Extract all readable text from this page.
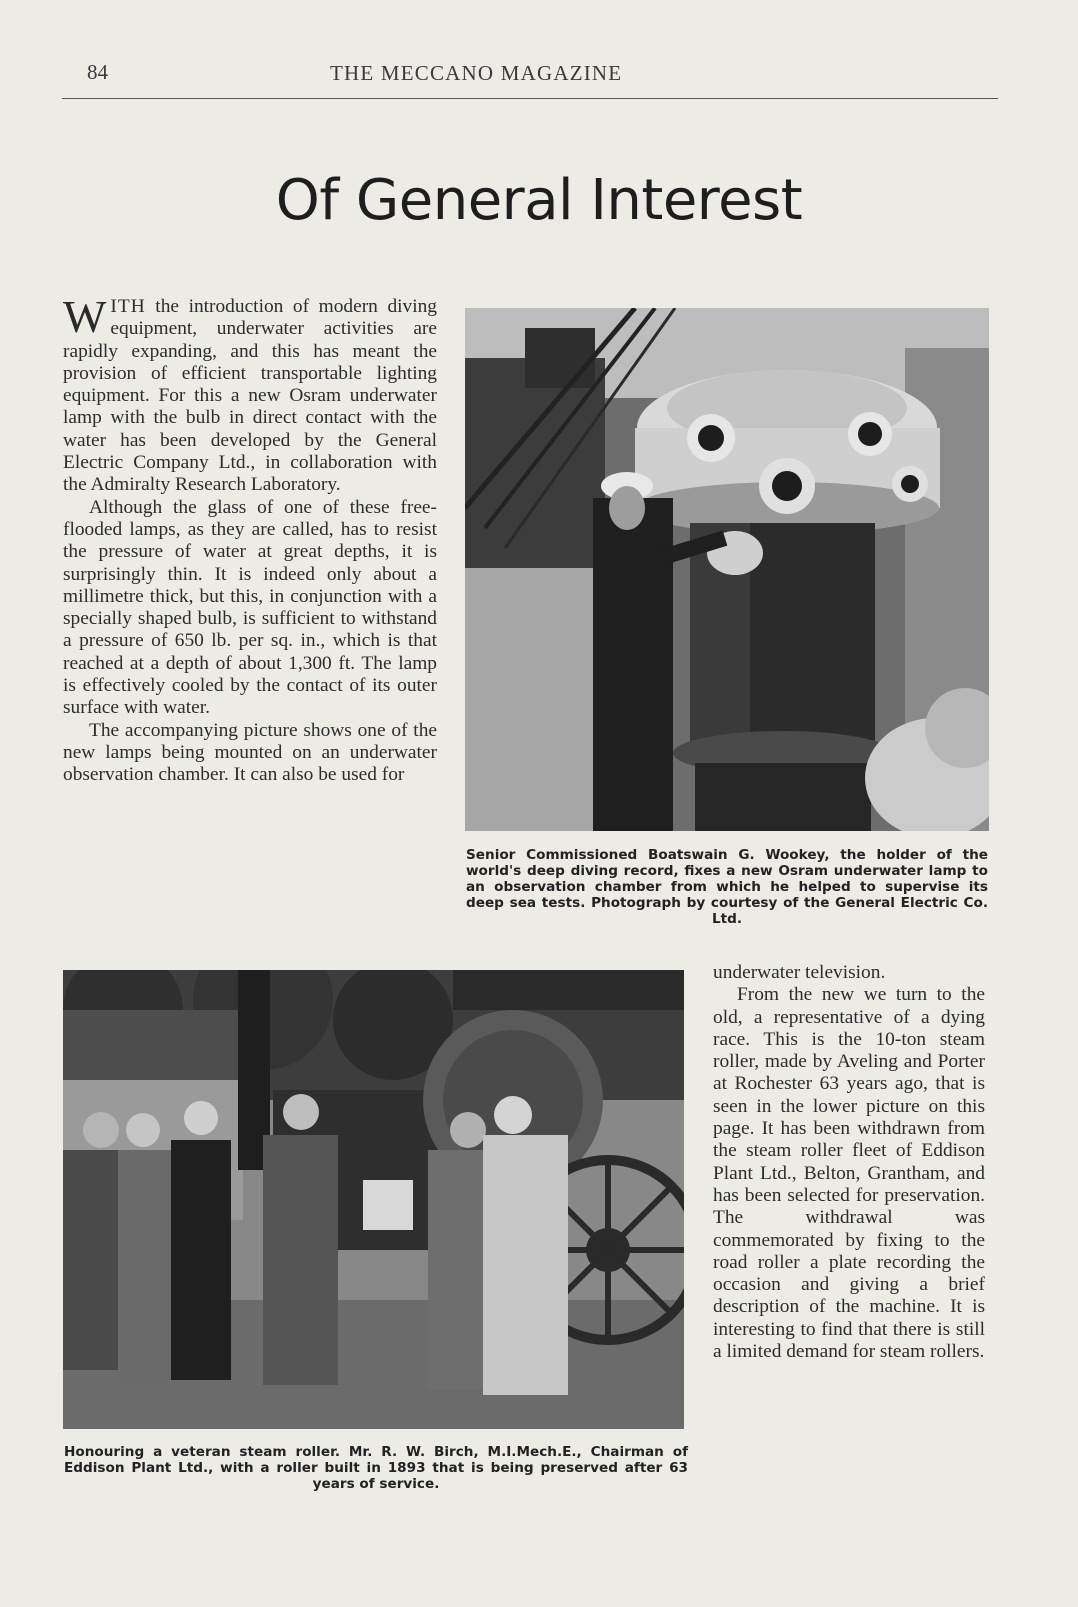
84	THE MECCANO MAGAZINE
Of General Interest

WITH the introduction of modern diving equipment, underwater activities are rapidly expanding, and this has meant the provision of efficient transportable lighting equipment. For this a new Osram underwater lamp with the bulb in direct contact with the water has been developed by the General Electric Company Ltd., in collaboration with the Admiralty Research Laboratory.

Although the glass of one of these free-flooded lamps, as they are called, has to resist the pressure of water at great depths, it is surprisingly thin. It is indeed only about a millimetre thick, but this, in conjunction with a specially shaped bulb, is sufficient to withstand a pressure of 650 lb. per sq. in., which is that reached at a depth of about 1,300 ft. The lamp is effectively cooled by the contact of its outer surface with water.

The accompanying picture shows one of the new lamps being mounted on an underwater observation chamber. It can also be used for

Senior Commissioned Boatswain G. Wookey, the holder of the world's deep diving record, fixes a new Osram underwater lamp to an observation chamber from which he helped to supervise its deep sea tests. Photograph by courtesy of the General Electric Co. Ltd.
Honouring a veteran steam roller. Mr. R. W. Birch, M.I.Mech.E., Chairman of Eddison Plant Ltd., with a roller built in 1893 that is being preserved after 63 years of service.

underwater television.

From the new we turn to the old, a representative of a dying race. This is the 10-ton steam roller, made by Aveling and Porter at Rochester 63 years ago, that is seen in the lower picture on this page. It has been withdrawn from the steam roller fleet of Eddison Plant Ltd., Belton, Grantham, and has been selected for preservation. The withdrawal was commemorated by fixing to the road roller a plate recording the occasion and giving a brief description of the machine. It is interesting to find that there is still a limited demand for steam rollers.
